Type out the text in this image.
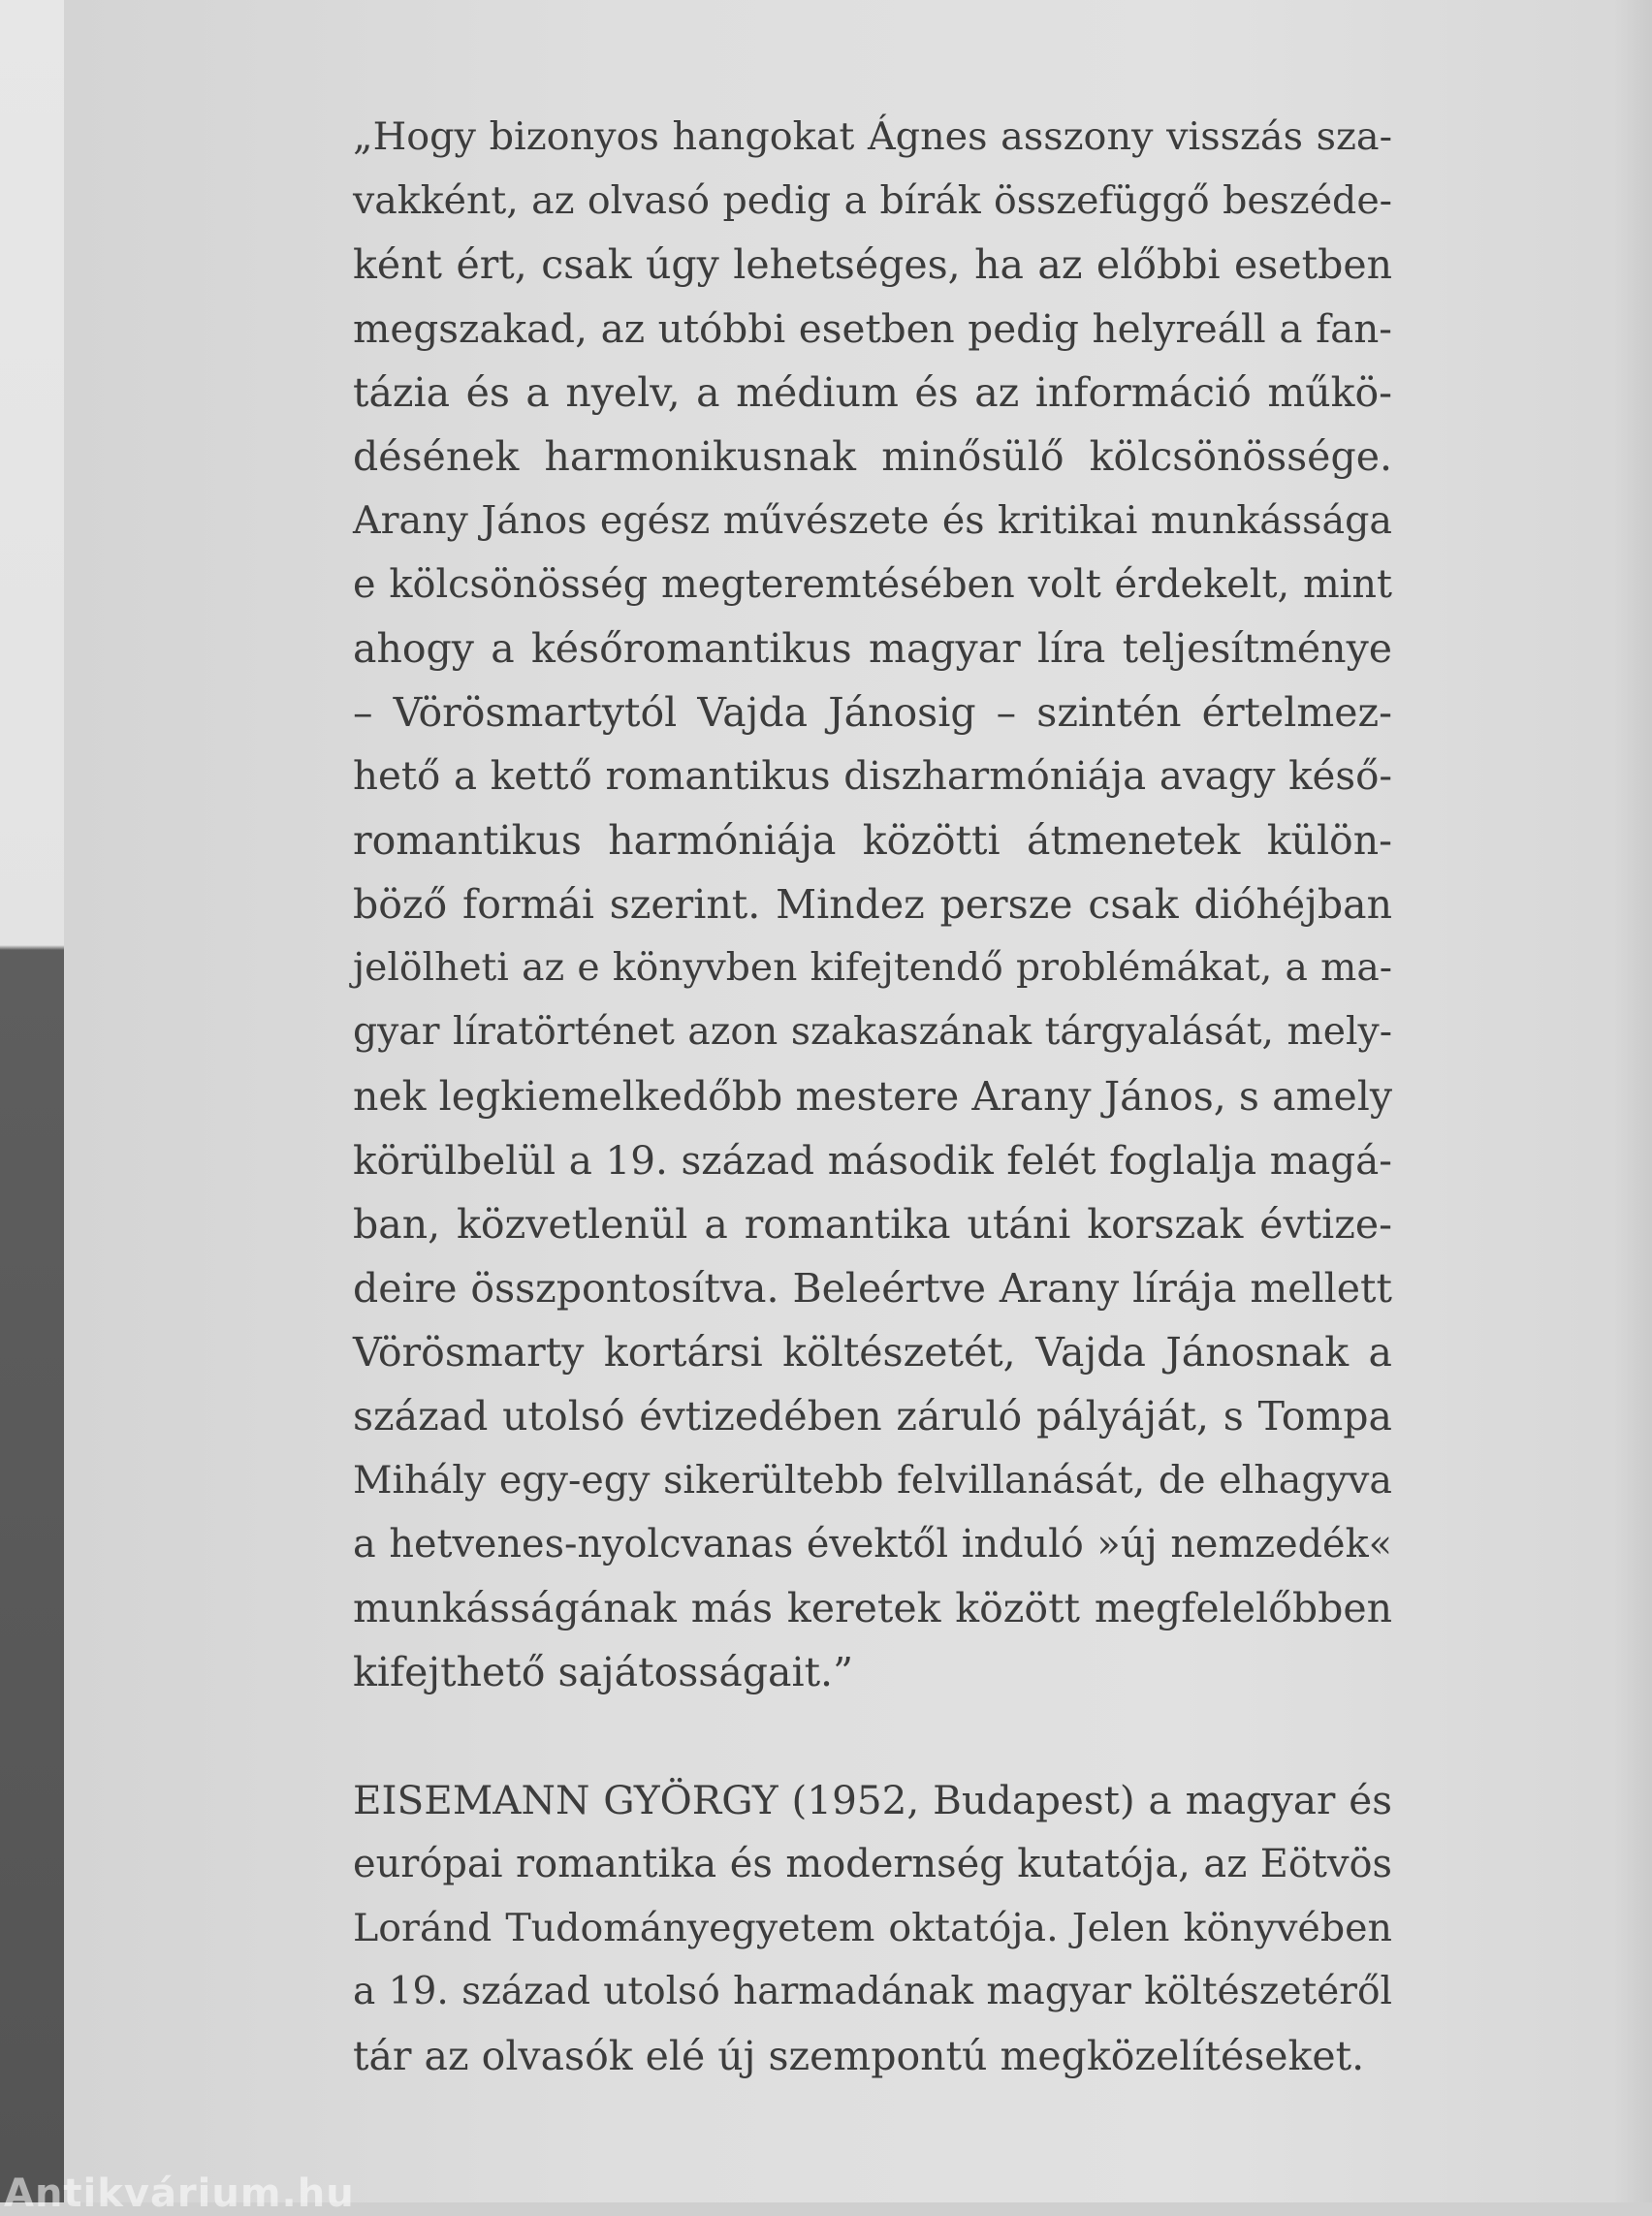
„Hogy bizonyos hangokat Ágnes asszony visszás sza-
vakként, az olvasó pedig a bírák összefüggő beszéde-
ként ért, csak úgy lehetséges, ha az előbbi esetben
megszakad, az utóbbi esetben pedig helyreáll a fan-
tázia és a nyelv, a médium és az információ műkö-
désének harmonikusnak minősülő kölcsönössége.
Arany János egész művészete és kritikai munkássága
e kölcsönösség megteremtésében volt érdekelt, mint
ahogy a későromantikus magyar líra teljesítménye
– Vörösmartytól Vajda Jánosig – szintén értelmez-
hető a kettő romantikus diszharmóniája avagy késő-
romantikus harmóniája közötti átmenetek külön-
böző formái szerint. Mindez persze csak dióhéjban
jelölheti az e könyvben kifejtendő problémákat, a ma-
gyar líratörténet azon szakaszának tárgyalását, mely-
nek legkiemelkedőbb mestere Arany János, s amely
körülbelül a 19. század második felét foglalja magá-
ban, közvetlenül a romantika utáni korszak évtize-
deire összpontosítva. Beleértve Arany lírája mellett
Vörösmarty kortársi költészetét, Vajda Jánosnak a
század utolsó évtizedében záruló pályáját, s Tompa
Mihály egy-egy sikerültebb felvillanását, de elhagyva
a hetvenes-nyolcvanas évektől induló »új nemzedék«
munkásságának más keretek között megfelelőbben
kifejthető sajátosságait.”

EISEMANN GYÖRGY (1952, Budapest) a magyar és
európai romantika és modernség kutatója, az Eötvös
Loránd Tudományegyetem oktatója. Jelen könyvében
a 19. század utolsó harmadának magyar költészetéről
tár az olvasók elé új szempontú megközelítéseket.

Antikvárium.hu
